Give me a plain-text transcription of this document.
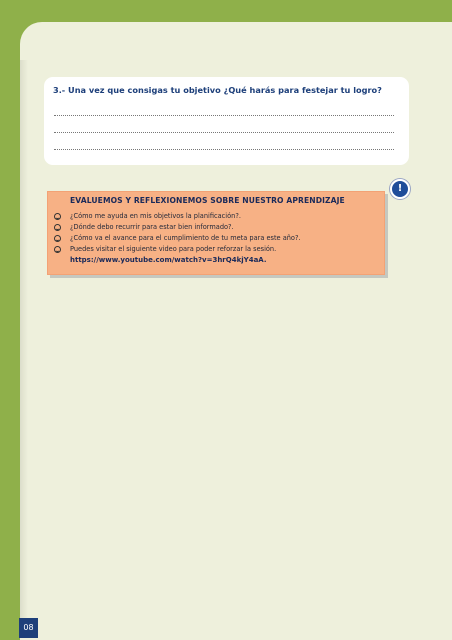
3.- Una vez que consigas tu objetivo ¿Qué harás para festejar tu logro?
EVALUEMOS Y REFLEXIONEMOS SOBRE NUESTRO APRENDIZAJE
¿Cómo me ayuda en mis objetivos la planificación?.
¿Dónde debo recurrir para estar bien informado?.
¿Cómo va el avance para el cumplimiento de tu meta para este año?.
Puedes visitar el siguiente video para poder reforzar la sesión.
https://www.youtube.com/watch?v=3hrQ4kjY4aA.
!
08
